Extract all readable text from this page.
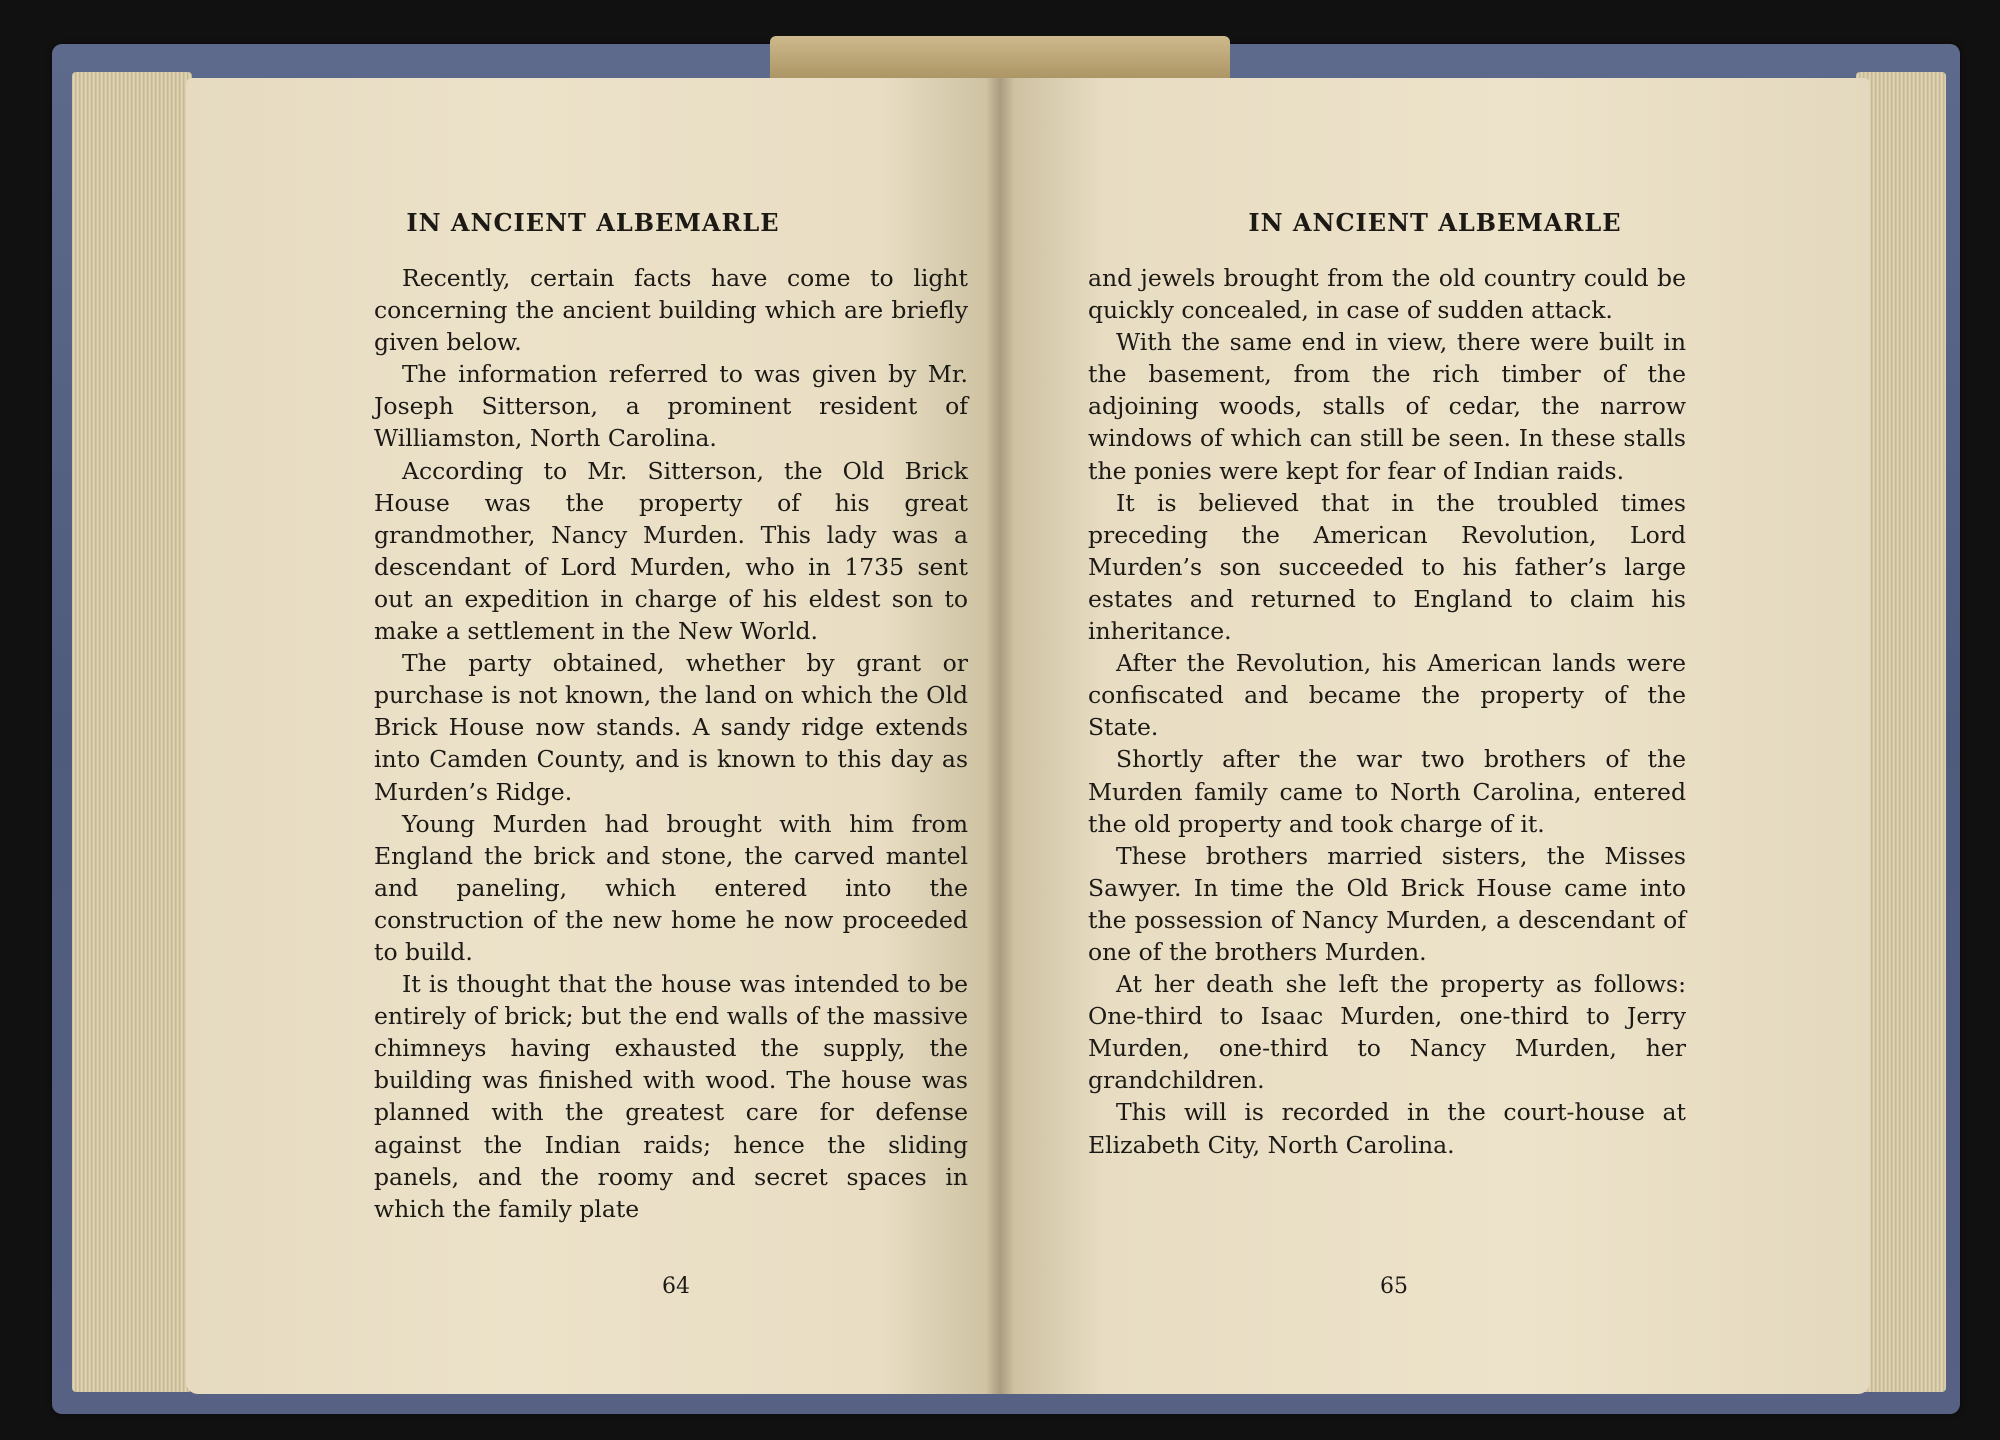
IN ANCIENT ALBEMARLE

Recently, certain facts have come to light concerning the ancient building which are briefly given below.

The information referred to was given by Mr. Joseph Sitterson, a prominent resident of Williamston, North Carolina.

According to Mr. Sitterson, the Old Brick House was the property of his great grandmother, Nancy Murden. This lady was a descendant of Lord Murden, who in 1735 sent out an expedition in charge of his eldest son to make a settlement in the New World.

The party obtained, whether by grant or purchase is not known, the land on which the Old Brick House now stands. A sandy ridge extends into Camden County, and is known to this day as Murden’s Ridge.

Young Murden had brought with him from England the brick and stone, the carved mantel and paneling, which entered into the construction of the new home he now proceeded to build.

It is thought that the house was intended to be entirely of brick; but the end walls of the massive chimneys having exhausted the supply, the building was finished with wood. The house was planned with the greatest care for defense against the Indian raids; hence the sliding panels, and the roomy and secret spaces in which the family plate

64

IN ANCIENT ALBEMARLE

and jewels brought from the old country could be quickly concealed, in case of sudden attack.

With the same end in view, there were built in the basement, from the rich timber of the adjoining woods, stalls of cedar, the narrow windows of which can still be seen. In these stalls the ponies were kept for fear of Indian raids.

It is believed that in the troubled times preceding the American Revolution, Lord Murden’s son succeeded to his father’s large estates and returned to England to claim his inheritance.

After the Revolution, his American lands were confiscated and became the property of the State.

Shortly after the war two brothers of the Murden family came to North Carolina, entered the old property and took charge of it.

These brothers married sisters, the Misses Sawyer. In time the Old Brick House came into the possession of Nancy Murden, a descendant of one of the brothers Murden.

At her death she left the property as follows: One-third to Isaac Murden, one-third to Jerry Murden, one-third to Nancy Murden, her grandchildren.

This will is recorded in the court-house at Elizabeth City, North Carolina.

65
